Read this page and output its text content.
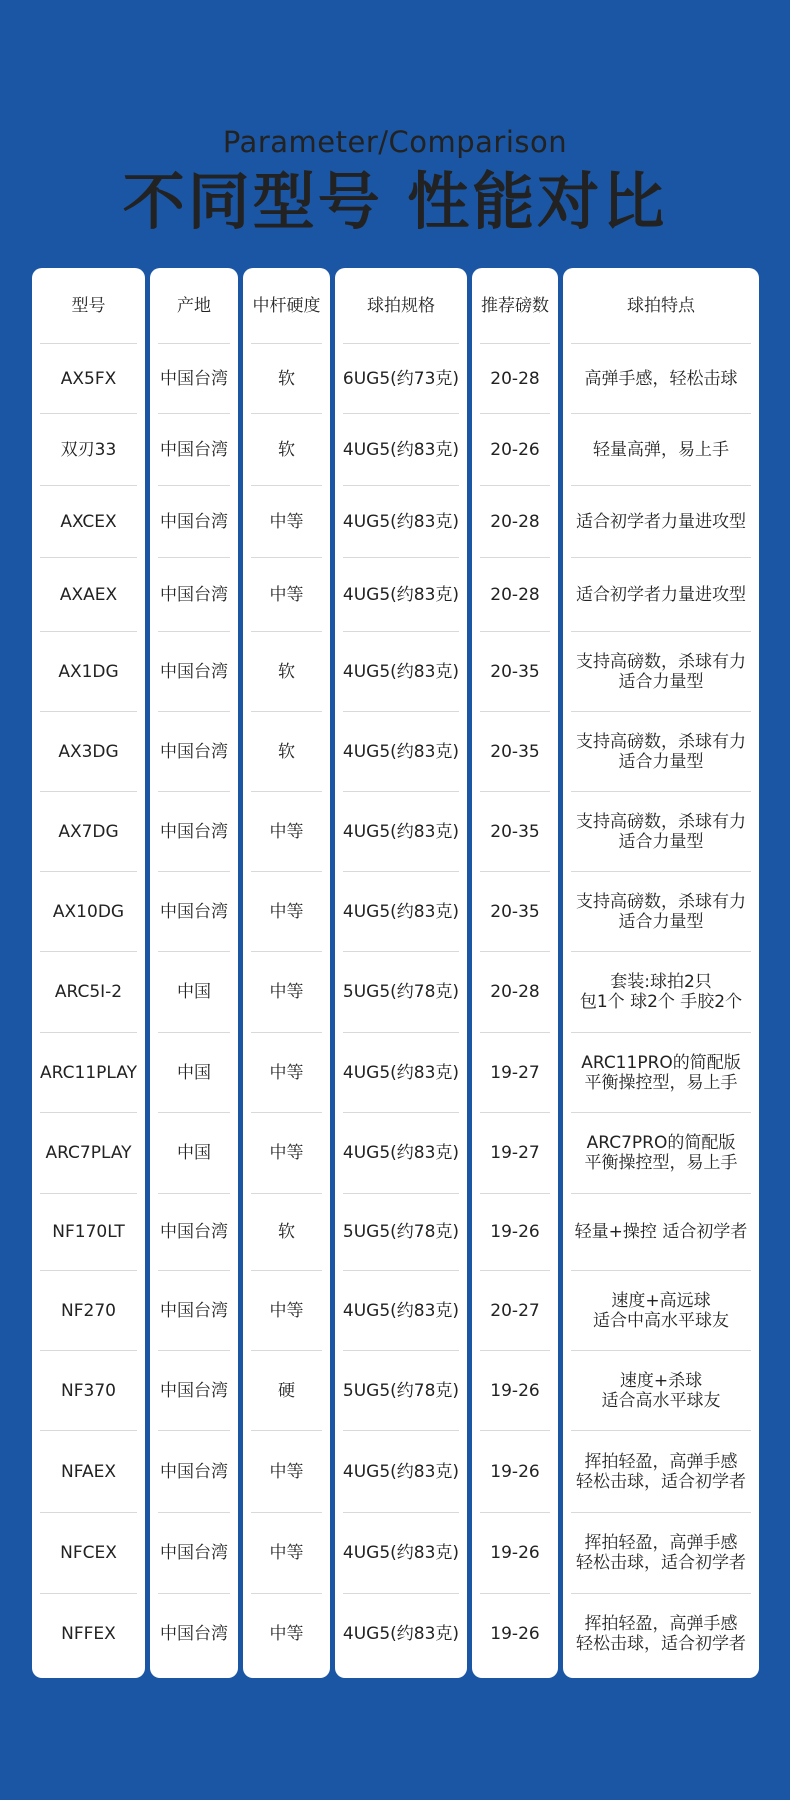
Parameter/Comparison
不同型号 性能对比
型号
AX5FX
双刃33
AXCEX
AXAEX
AX1DG
AX3DG
AX7DG
AX10DG
ARC5I-2
ARC11PLAY
ARC7PLAY
NF170LT
NF270
NF370
NFAEX
NFCEX
NFFEX
产地
中国台湾
中国台湾
中国台湾
中国台湾
中国台湾
中国台湾
中国台湾
中国台湾
中国
中国
中国
中国台湾
中国台湾
中国台湾
中国台湾
中国台湾
中国台湾
中杆硬度
软
软
中等
中等
软
软
中等
中等
中等
中等
中等
软
中等
硬
中等
中等
中等
球拍规格
6UG5(约73克)
4UG5(约83克)
4UG5(约83克)
4UG5(约83克)
4UG5(约83克)
4UG5(约83克)
4UG5(约83克)
4UG5(约83克)
5UG5(约78克)
4UG5(约83克)
4UG5(约83克)
5UG5(约78克)
4UG5(约83克)
5UG5(约78克)
4UG5(约83克)
4UG5(约83克)
4UG5(约83克)
推荐磅数
20-28
20-26
20-28
20-28
20-35
20-35
20-35
20-35
20-28
19-27
19-27
19-26
20-27
19-26
19-26
19-26
19-26
球拍特点
高弹手感，轻松击球
轻量高弹，易上手
适合初学者力量进攻型
适合初学者力量进攻型
支持高磅数，杀球有力
适合力量型
支持高磅数，杀球有力
适合力量型
支持高磅数，杀球有力
适合力量型
支持高磅数，杀球有力
适合力量型
套装:球拍2只
包1个 球2个 手胶2个
ARC11PRO的简配版
平衡操控型，易上手
ARC7PRO的简配版
平衡操控型，易上手
轻量+操控 适合初学者
速度+高远球
适合中高水平球友
速度+杀球
适合高水平球友
挥拍轻盈，高弹手感
轻松击球，适合初学者
挥拍轻盈，高弹手感
轻松击球，适合初学者
挥拍轻盈，高弹手感
轻松击球，适合初学者
